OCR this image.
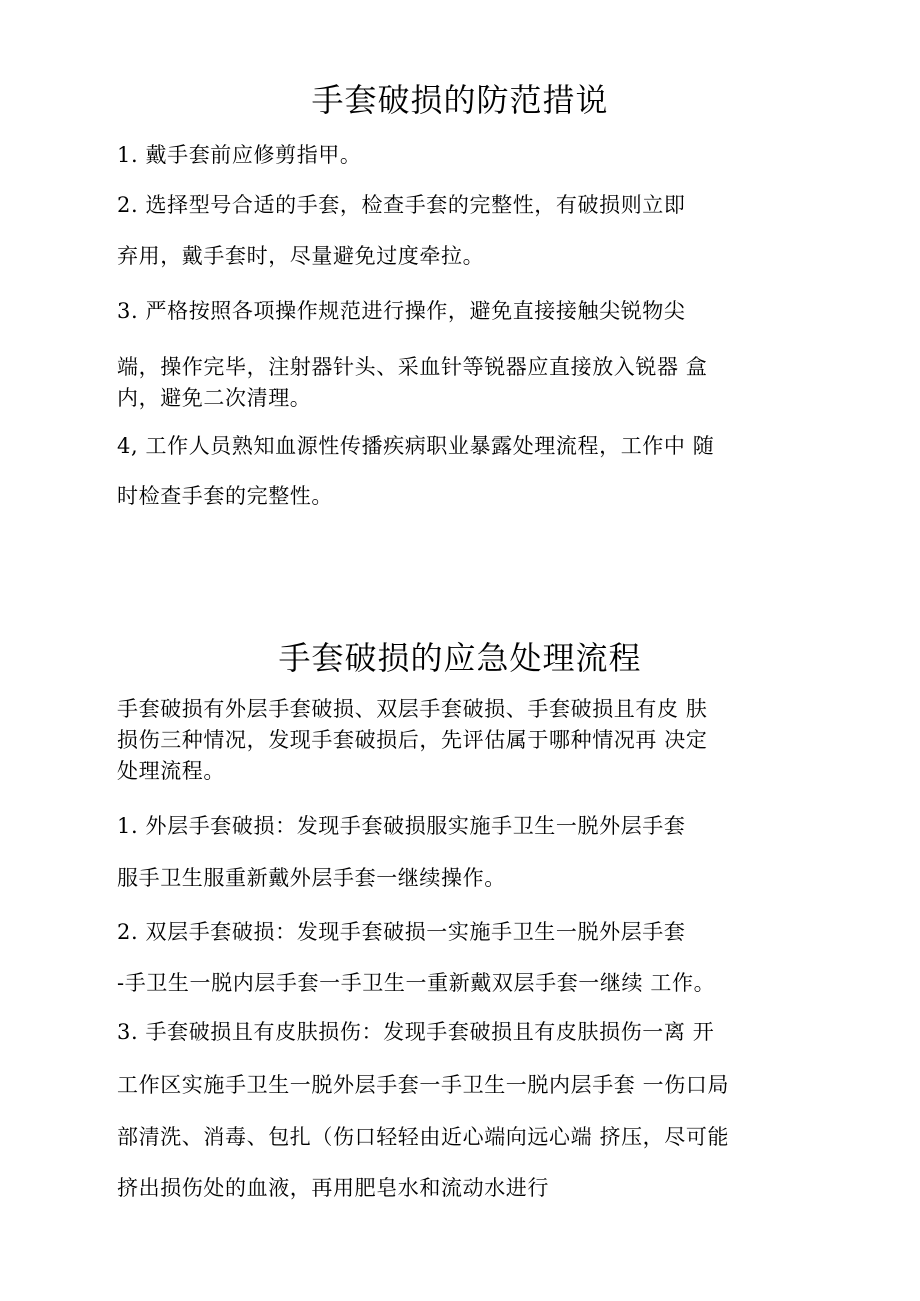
手套破损的防范措说
1. 戴手套前应修剪指甲。
2. 选择型号合适的手套，检查手套的完整性，有破损则立即
弃用，戴手套时，尽量避免过度牵拉。
3. 严格按照各项操作规范进行操作，避免直接接触尖锐物尖
端，操作完毕，注射器针头、采血针等锐器应直接放入锐器 盒
内，避免二次清理。
4, 工作人员熟知血源性传播疾病职业暴露处理流程，工作中 随
时检查手套的完整性。
手套破损的应急处理流程
手套破损有外层手套破损、双层手套破损、手套破损且有皮 肤
损伤三种情况，发现手套破损后，先评估属于哪种情况再 决定
处理流程。
1. 外层手套破损：发现手套破损服实施手卫生一脱外层手套
服手卫生服重新戴外层手套一继续操作。
2. 双层手套破损：发现手套破损一实施手卫生一脱外层手套
-手卫生一脱内层手套一手卫生一重新戴双层手套一继续 工作。
3. 手套破损且有皮肤损伤：发现手套破损且有皮肤损伤一离 开
工作区实施手卫生一脱外层手套一手卫生一脱内层手套 一伤口局
部清洗、消毒、包扎（伤口轻轻由近心端向远心端 挤压，尽可能
挤出损伤处的血液，再用肥皂水和流动水进行
